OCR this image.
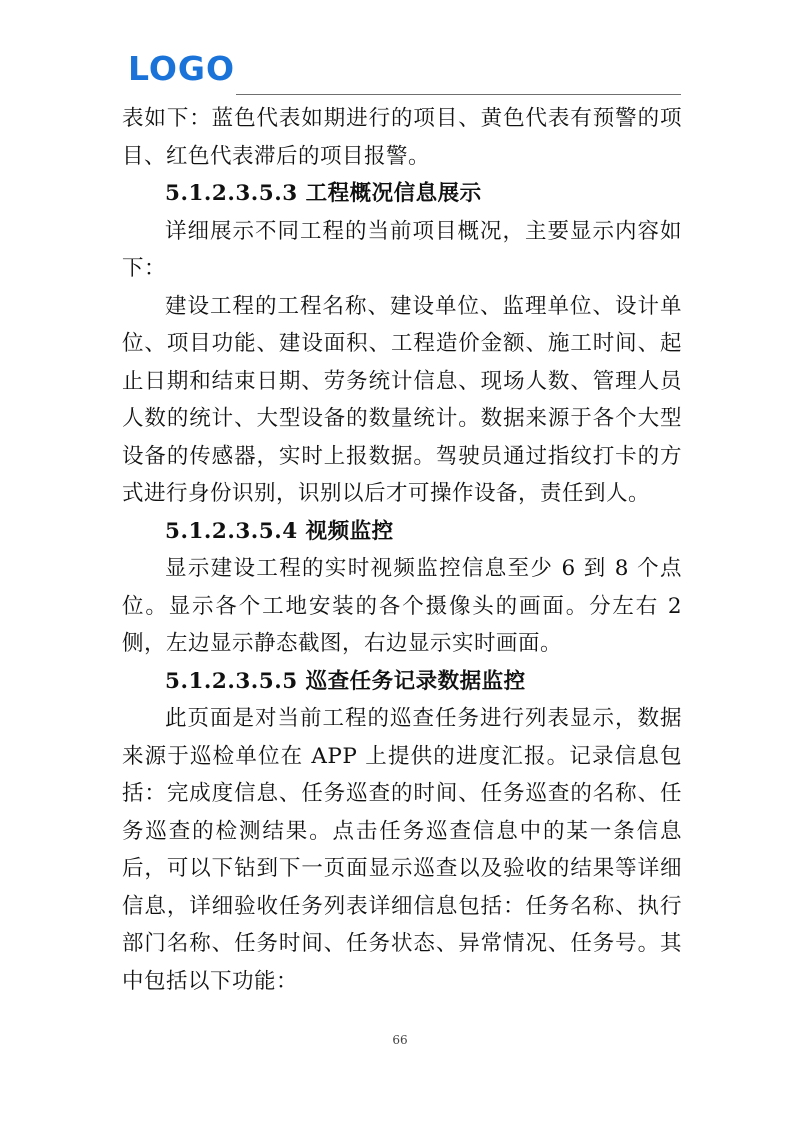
LOGO

表如下：蓝色代表如期进行的项目、黄色代表有预警的项目、红色代表滞后的项目报警。

5.1.2.3.5.3 工程概况信息展示

详细展示不同工程的当前项目概况，主要显示内容如下：

建设工程的工程名称、建设单位、监理单位、设计单位、项目功能、建设面积、工程造价金额、施工时间、起止日期和结束日期、劳务统计信息、现场人数、管理人员人数的统计、大型设备的数量统计。数据来源于各个大型设备的传感器，实时上报数据。驾驶员通过指纹打卡的方式进行身份识别，识别以后才可操作设备，责任到人。

5.1.2.3.5.4 视频监控

显示建设工程的实时视频监控信息至少 6 到 8 个点位。显示各个工地安装的各个摄像头的画面。分左右 2 侧，左边显示静态截图，右边显示实时画面。

5.1.2.3.5.5 巡查任务记录数据监控

此页面是对当前工程的巡查任务进行列表显示，数据来源于巡检单位在 APP 上提供的进度汇报。记录信息包括：完成度信息、任务巡查的时间、任务巡查的名称、任务巡查的检测结果。点击任务巡查信息中的某一条信息后，可以下钻到下一页面显示巡查以及验收的结果等详细信息，详细验收任务列表详细信息包括：任务名称、执行部门名称、任务时间、任务状态、异常情况、任务号。其中包括以下功能：

66
